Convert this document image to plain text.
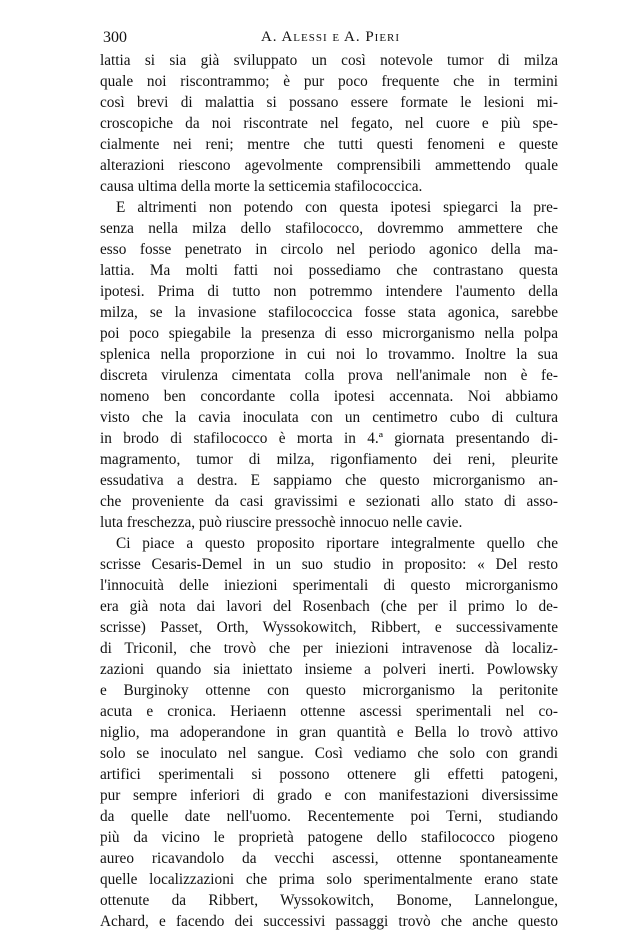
300	A. Alessi e A. Pieri
lattia si sia già sviluppato un così notevole tumor di milza
quale noi riscontrammo; è pur poco frequente che in termini
così brevi di malattia si possano essere formate le lesioni mi-
croscopiche da noi riscontrate nel fegato, nel cuore e più spe-
cialmente nei reni; mentre che tutti questi fenomeni e queste
alterazioni riescono agevolmente comprensibili ammettendo quale
causa ultima della morte la setticemia stafilococcica.
E altrimenti non potendo con questa ipotesi spiegarci la pre-
senza nella milza dello stafilococco, dovremmo ammettere che
esso fosse penetrato in circolo nel periodo agonico della ma-
lattia. Ma molti fatti noi possediamo che contrastano questa
ipotesi. Prima di tutto non potremmo intendere l'aumento della
milza, se la invasione stafilococcica fosse stata agonica, sarebbe
poi poco spiegabile la presenza di esso microrganismo nella polpa
splenica nella proporzione in cui noi lo trovammo. Inoltre la sua
discreta virulenza cimentata colla prova nell'animale non è fe-
nomeno ben concordante colla ipotesi accennata. Noi abbiamo
visto che la cavia inoculata con un centimetro cubo di cultura
in brodo di stafilococco è morta in 4.ª giornata presentando di-
magramento, tumor di milza, rigonfiamento dei reni, pleurite
essudativa a destra. E sappiamo che questo microrganismo an-
che proveniente da casi gravissimi e sezionati allo stato di asso-
luta freschezza, può riuscire pressochè innocuo nelle cavie.
Ci piace a questo proposito riportare integralmente quello che
scrisse Cesaris-Demel in un suo studio in proposito: « Del resto
l'innocuità delle iniezioni sperimentali di questo microrganismo
era già nota dai lavori del Rosenbach (che per il primo lo de-
scrisse) Passet, Orth, Wyssokowitch, Ribbert, e successivamente
di Triconil, che trovò che per iniezioni intravenose dà localiz-
zazioni quando sia iniettato insieme a polveri inerti. Powlowsky
e Burginoky ottenne con questo microrganismo la peritonite
acuta e cronica. Heriaenn ottenne ascessi sperimentali nel co-
niglio, ma adoperandone in gran quantità e Bella lo trovò attivo
solo se inoculato nel sangue. Così vediamo che solo con grandi
artifici sperimentali si possono ottenere gli effetti patogeni,
pur sempre inferiori di grado e con manifestazioni diversissime
da quelle date nell'uomo. Recentemente poi Terni, studiando
più da vicino le proprietà patogene dello stafilococco piogeno
aureo ricavandolo da vecchi ascessi, ottenne spontaneamente
quelle localizzazioni che prima solo sperimentalmente erano state
ottenute da Ribbert, Wyssokowitch, Bonome, Lannelongue,
Achard, e facendo dei successivi passaggi trovò che anche questo
